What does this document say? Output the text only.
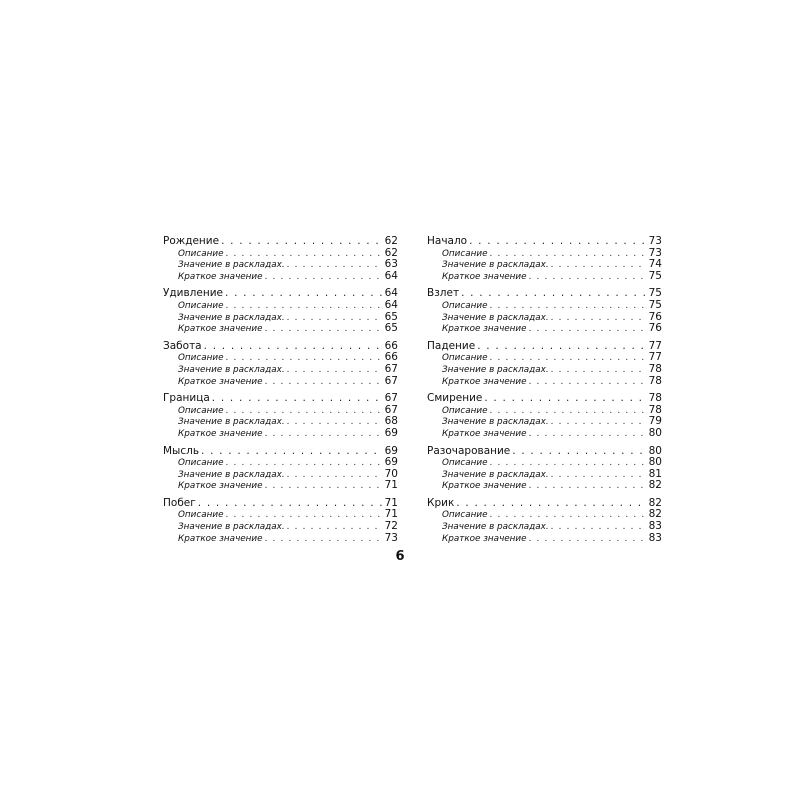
Рождение . . .	62
Описание . . .	62
Значение в раскладах. . . .	63
Краткое значение . . .	64
Удивление . . .	64
Описание . . .	64
Значение в раскладах. . . .	65
Краткое значение . . .	65
Забота . . .	66
Описание . . .	66
Значение в раскладах. . . .	67
Краткое значение . . .	67
Граница . . .	67
Описание . . .	67
Значение в раскладах. . . .	68
Краткое значение . . .	69
Мысль . . .	69
Описание . . .	69
Значение в раскладах. . . .	70
Краткое значение . . .	71
Побег . . .	71
Описание . . .	71
Значение в раскладах. . . .	72
Краткое значение . . .	73
Начало . . .	73
Описание . . .	73
Значение в раскладах. . . .	74
Краткое значение . . .	75
Взлет . . .	75
Описание . . .	75
Значение в раскладах. . . .	76
Краткое значение . . .	76
Падение . . .	77
Описание . . .	77
Значение в раскладах. . . .	78
Краткое значение . . .	78
Смирение . . .	78
Описание . . .	78
Значение в раскладах. . . .	79
Краткое значение . . .	80
Разочарование . . .	80
Описание . . .	80
Значение в раскладах. . . .	81
Краткое значение . . .	82
Крик . . .	82
Описание . . .	82
Значение в раскладах. . . .	83
Краткое значение . . .	83
6
